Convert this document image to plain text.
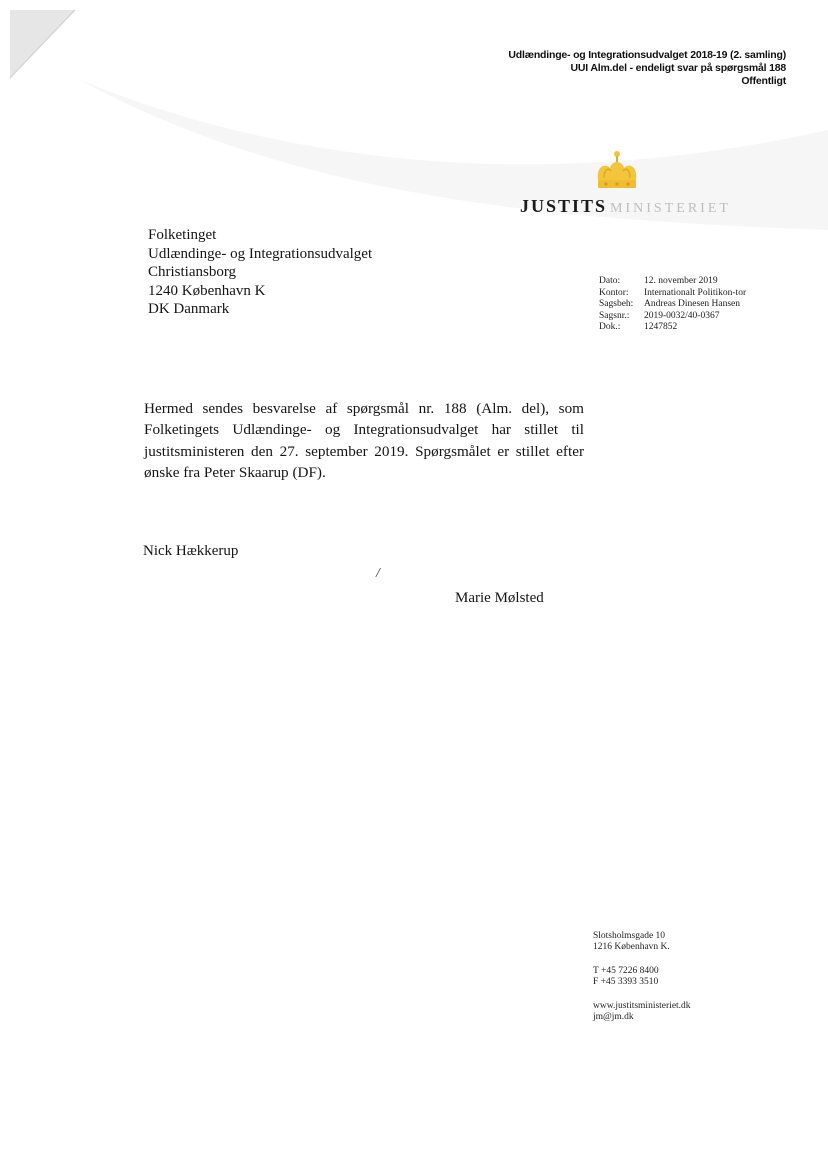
Udlændinge- og Integrationsudvalget 2018-19 (2. samling)
UUI Alm.del - endeligt svar på spørgsmål 188
Offentligt
JUSTITS MINISTERIET
Folketinget
Udlændinge- og Integrationsudvalget
Christiansborg
1240 København K
DK Danmark
Dato:	12. november 2019
Kontor:	Internationalt Politikon-tor
Sagsbeh:	Andreas Dinesen Hansen
Sagsnr.:	2019-0032/40-0367
Dok.:	1247852

Hermed sendes besvarelse af spørgsmål nr. 188 (Alm. del), som Folketingets Udlændinge- og Integrationsudvalget har stillet til justitsministeren den 27. september 2019. Spørgsmålet er stillet efter ønske fra Peter Skaarup (DF).

Nick Hækkerup
/
Marie Mølsted
Slotsholmsgade 10
1216 København K.
T +45 7226 8400
F +45 3393 3510
www.justitsministeriet.dk
jm@jm.dk
